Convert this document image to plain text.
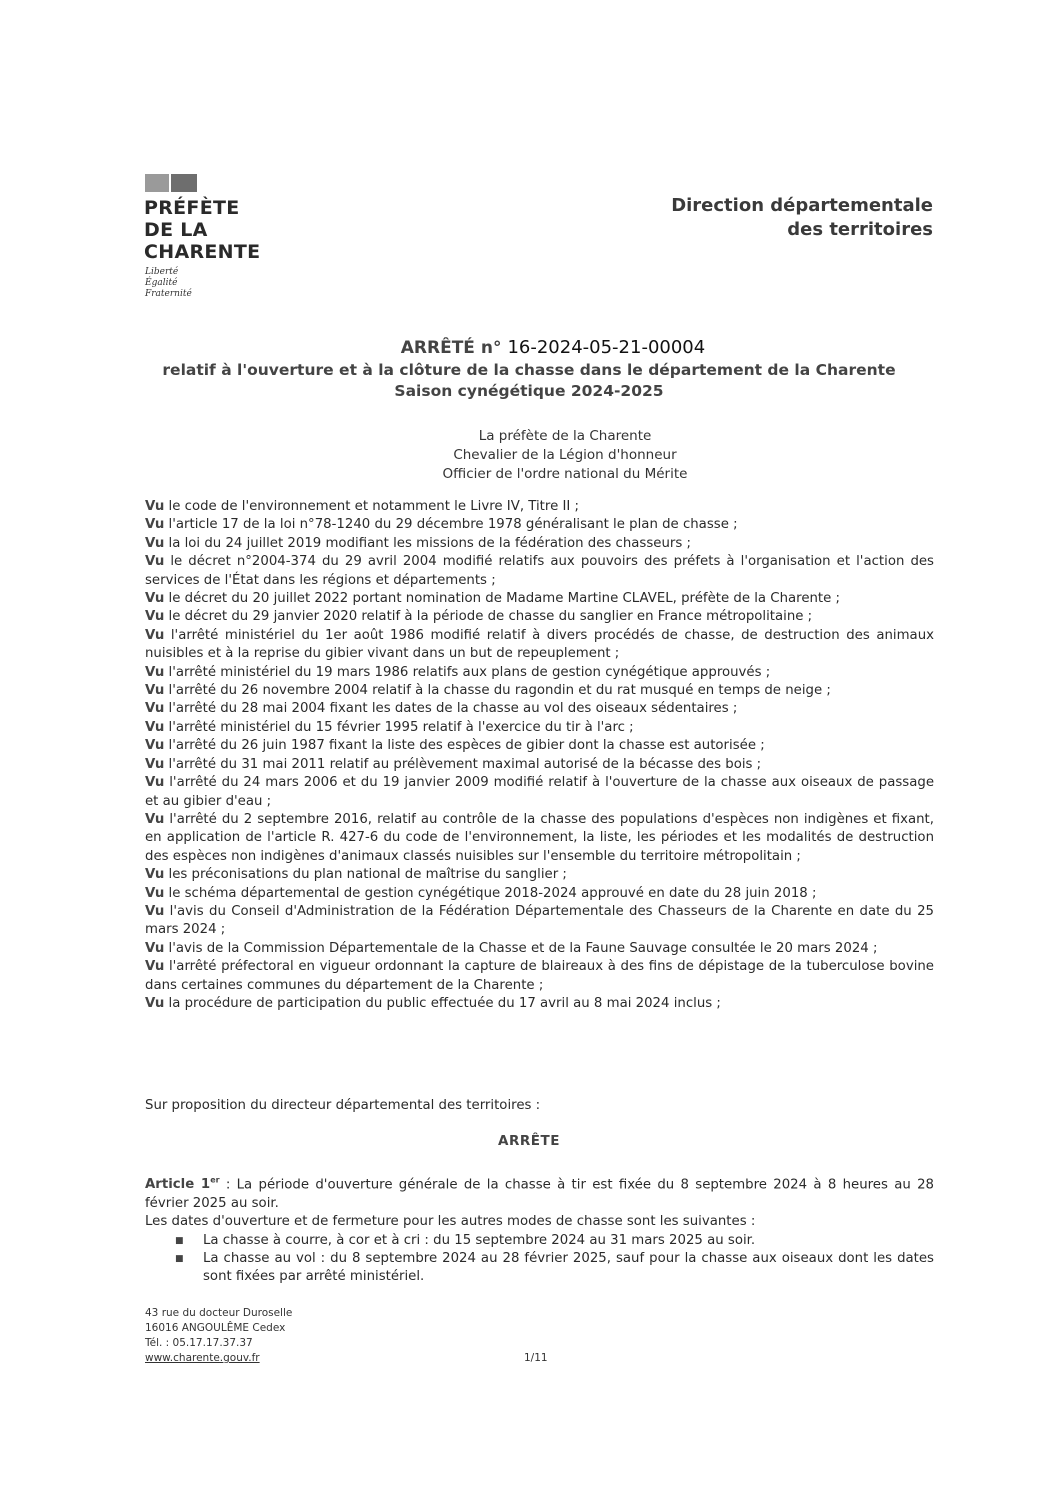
PRÉFÈTE
DE LA
CHARENTE
Liberté
Égalité
Fraternité
Direction départementale
des territoires
ARRÊTÉ n° 16-2024-05-21-00004
relatif à l'ouverture et à la clôture de la chasse dans le département de la Charente
Saison cynégétique 2024-2025
La préfète de la Charente
Chevalier de la Légion d'honneur
Officier de l'ordre national du Mérite

Vu le code de l'environnement et notamment le Livre IV, Titre II ;

Vu l'article 17 de la loi n°78-1240 du 29 décembre 1978 généralisant le plan de chasse ;

Vu la loi du 24 juillet 2019 modifiant les missions de la fédération des chasseurs ;

Vu le décret n°2004-374 du 29 avril 2004 modifié relatifs aux pouvoirs des préfets à l'organisation et l'action des services de l'État dans les régions et départements ;

Vu le décret du 20 juillet 2022 portant nomination de Madame Martine CLAVEL, préfète de la Charente ;

Vu le décret du 29 janvier 2020 relatif à la période de chasse du sanglier en France métropolitaine ;

Vu l'arrêté ministériel du 1er août 1986 modifié relatif à divers procédés de chasse, de destruction des animaux nuisibles et à la reprise du gibier vivant dans un but de repeuplement ;

Vu l'arrêté ministériel du 19 mars 1986 relatifs aux plans de gestion cynégétique approuvés ;

Vu l'arrêté du 26 novembre 2004 relatif à la chasse du ragondin et du rat musqué en temps de neige ;

Vu l'arrêté du 28 mai 2004 fixant les dates de la chasse au vol des oiseaux sédentaires ;

Vu l'arrêté ministériel du 15 février 1995 relatif à l'exercice du tir à l'arc ;

Vu l'arrêté du 26 juin 1987 fixant la liste des espèces de gibier dont la chasse est autorisée ;

Vu l'arrêté du 31 mai 2011 relatif au prélèvement maximal autorisé de la bécasse des bois ;

Vu l'arrêté du 24 mars 2006 et du 19 janvier 2009 modifié relatif à l'ouverture de la chasse aux oiseaux de passage et au gibier d'eau ;

Vu l'arrêté du 2 septembre 2016, relatif au contrôle de la chasse des populations d'espèces non indigènes et fixant, en application de l'article R. 427-6 du code de l'environnement, la liste, les périodes et les modalités de destruction des espèces non indigènes d'animaux classés nuisibles sur l'ensemble du territoire métropolitain ;

Vu les préconisations du plan national de maîtrise du sanglier ;

Vu le schéma départemental de gestion cynégétique 2018-2024 approuvé en date du 28 juin 2018 ;

Vu l'avis du Conseil d'Administration de la Fédération Départementale des Chasseurs de la Charente en date du 25 mars 2024 ;

Vu l'avis de la Commission Départementale de la Chasse et de la Faune Sauvage consultée le 20 mars 2024 ;

Vu l'arrêté préfectoral en vigueur ordonnant la capture de blaireaux à des fins de dépistage de la tuberculose bovine dans certaines communes du département de la Charente ;

Vu la procédure de participation du public effectuée du 17 avril au 8 mai 2024 inclus ;

Sur proposition du directeur départemental des territoires :
ARRÊTE
Article 1er : La période d'ouverture générale de la chasse à tir est fixée du 8 septembre 2024 à 8 heures au 28 février 2025 au soir.
Les dates d'ouverture et de fermeture pour les autres modes de chasse sont les suivantes :
■ La chasse à courre, à cor et à cri : du 15 septembre 2024 au 31 mars 2025 au soir.
■ La chasse au vol : du 8 septembre 2024 au 28 février 2025, sauf pour la chasse aux oiseaux dont les dates sont fixées par arrêté ministériel.
43 rue du docteur Duroselle
16016 ANGOULÊME Cedex
Tél. : 05.17.17.37.37
www.charente.gouv.fr	1/11
